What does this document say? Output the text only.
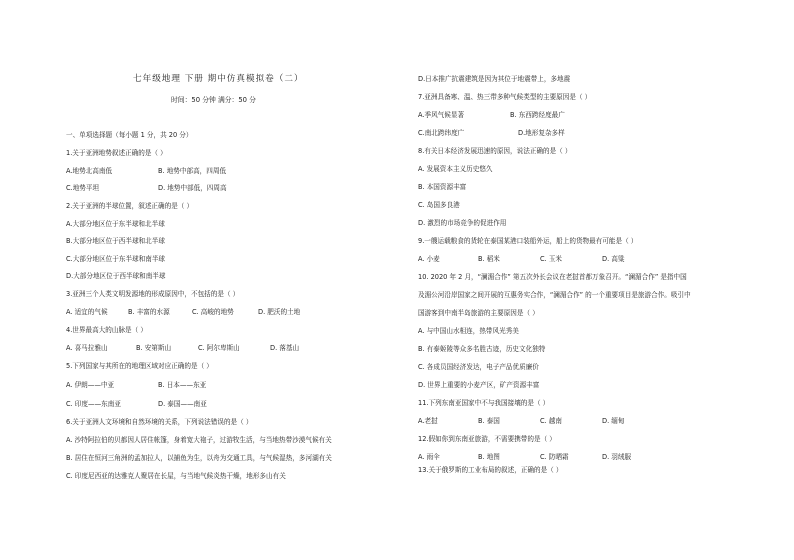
七年级地理 下册 期中仿真模拟卷（二）
时间：50 分钟 满分：50 分
一、单项选择题（每小题 1 分，共 20 分）
1.关于亚洲地势叙述正确的是（ ）
A.地势北高南低	B. 地势中部高，四周低
C.地势平坦	D. 地势中部低，四周高
2.关于亚洲的半球位置，叙述正确的是（ ）
A.大部分地区位于东半球和北半球
B.大部分地区位于西半球和北半球
C.大部分地区位于东半球和南半球
D.大部分地区位于西半球和南半球
3.亚洲三个人类文明发源地的形成原因中，不包括的是（ ）
A. 适宜的气候	B. 丰富的水源	C. 高峻的地势	D. 肥沃的土地
4.世界最高大的山脉是（ ）
A. 喜马拉雅山	B. 安第斯山	C. 阿尔卑斯山	D. 落基山
5.下列国家与其所在的地理区域对应正确的是（ ）
A. 伊朗——中亚	B. 日本——东亚
C. 印度——东南亚	D. 泰国——南亚
6.关于亚洲人文环境和自然环境的关系，下列说法错误的是（ ）
A. 沙特阿拉伯的贝都因人居住帐篷，身着宽大袍子，过游牧生活，与当地热带沙漠气候有关
B. 居住在恒河三角洲的孟加拉人，以捕鱼为生，以舟为交通工具，与气候湿热，多河湖有关
C. 印度尼西亚的达雅克人聚居在长屋，与当地气候炎热干燥，地形多山有关
D.日本推广抗震建筑是因为其位于地震带上，多地震
7.亚洲具备寒、温、热三带多种气候类型的主要原因是（ ）
A.季风气候显著	B. 东西跨经度最广
C.南北跨纬度广	D.地形复杂多样
8.有关日本经济发展迅速的原因，说法正确的是（ ）
A. 发展资本主义历史悠久
B. 本国资源丰富
C. 岛国多良港
D. 激烈的市场竞争的促进作用
9.一艘运载粮食的货轮在泰国某港口装船外运，船上的货物最有可能是（ ）
A. 小麦	B. 稻米	C. 玉米	D. 高粱
10. 2020 年 2 月，“澜湄合作” 第五次外长会议在老挝首都万象召开。“澜湄合作” 是指中国
及湄公河沿岸国家之间开展的互惠务实合作，“澜湄合作” 的一个重要项目是旅游合作。吸引中
国游客到中南半岛旅游的主要原因是（ ）
A. 与中国山水相连，热带风光秀美
B. 有泰姬陵等众多名胜古迹，历史文化独特
C. 各成员国经济发达，电子产品优质廉价
D. 世界上重要的小麦产区，矿产资源丰富
11.下列东南亚国家中不与我国接壤的是（ ）
A.老挝	B. 泰国	C. 越南	D. 缅甸
12.假如你到东南亚旅游，不需要携带的是（ ）
A. 雨伞	B. 地图	C. 防晒霜	D. 羽绒服
13.关于俄罗斯的工业布局的叙述，正确的是（ ）
